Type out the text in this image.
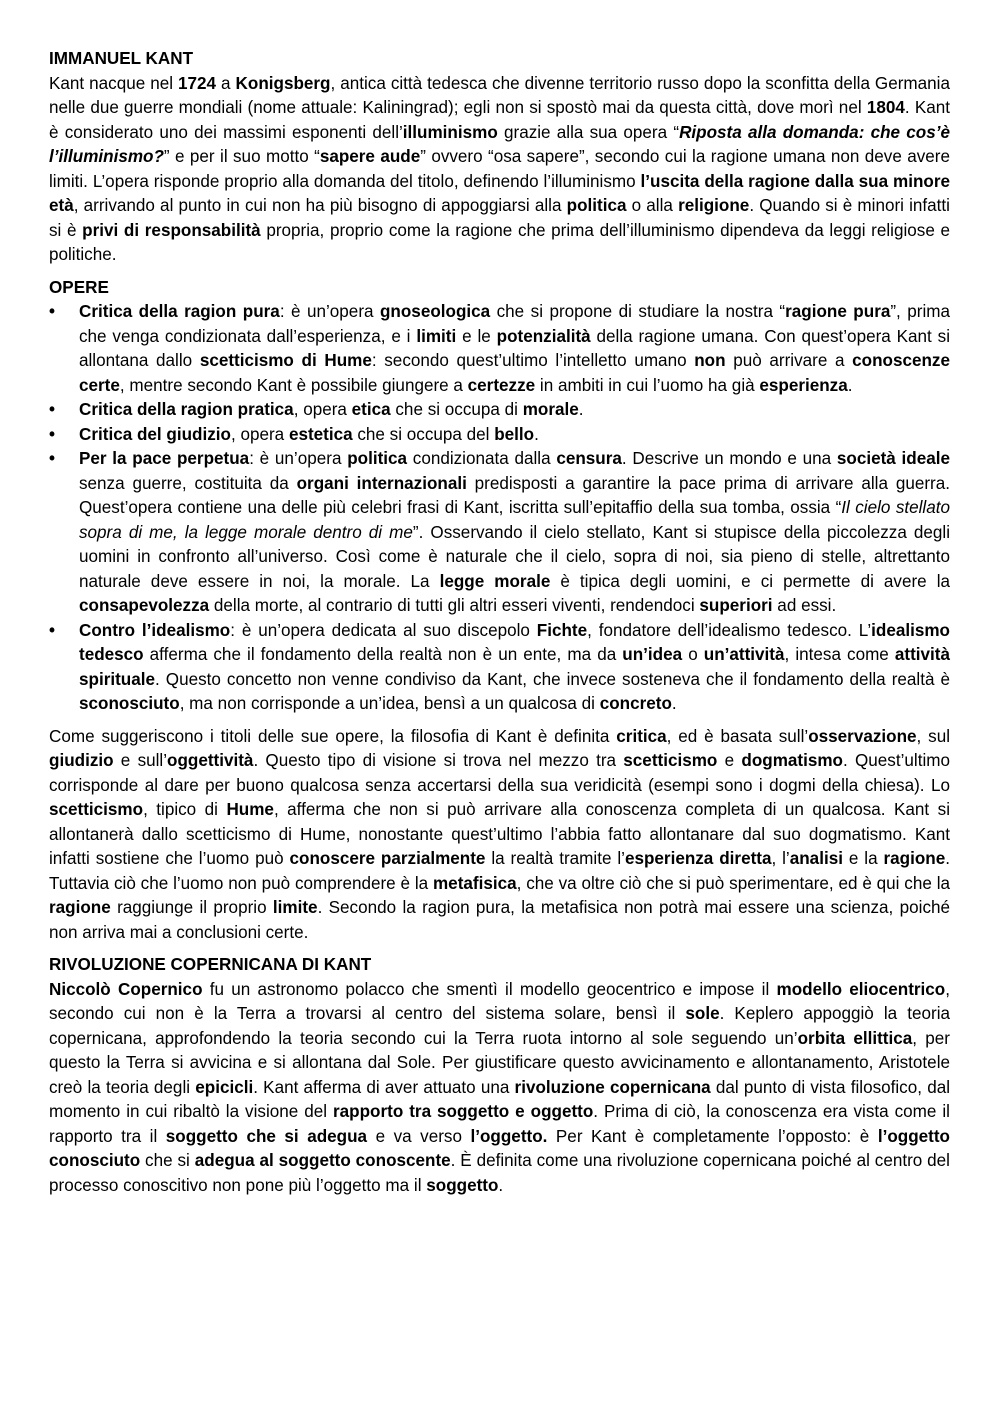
IMMANUEL KANT

Kant nacque nel 1724 a Konigsberg, antica città tedesca che divenne territorio russo dopo la sconfitta della Germania nelle due guerre mondiali (nome attuale: Kaliningrad); egli non si spostò mai da questa città, dove morì nel 1804. Kant è considerato uno dei massimi esponenti dell’illuminismo grazie alla sua opera “Riposta alla domanda: che cos’è l’illuminismo?” e per il suo motto “sapere aude” ovvero “osa sapere”, secondo cui la ragione umana non deve avere limiti. L’opera risponde proprio alla domanda del titolo, definendo l’illuminismo l’uscita della ragione dalla sua minore età, arrivando al punto in cui non ha più bisogno di appoggiarsi alla politica o alla religione. Quando si è minori infatti si è privi di responsabilità propria, proprio come la ragione che prima dell’illuminismo dipendeva da leggi religiose e politiche.

OPERE
• Critica della ragion pura: è un’opera gnoseologica che si propone di studiare la nostra “ragione pura”, prima che venga condizionata dall’esperienza, e i limiti e le potenzialità della ragione umana. Con quest’opera Kant si allontana dallo scetticismo di Hume: secondo quest’ultimo l’intelletto umano non può arrivare a conoscenze certe, mentre secondo Kant è possibile giungere a certezze in ambiti in cui l’uomo ha già esperienza.
• Critica della ragion pratica, opera etica che si occupa di morale.
• Critica del giudizio, opera estetica che si occupa del bello.
• Per la pace perpetua: è un’opera politica condizionata dalla censura. Descrive un mondo e una società ideale senza guerre, costituita da organi internazionali predisposti a garantire la pace prima di arrivare alla guerra. Quest’opera contiene una delle più celebri frasi di Kant, iscritta sull’epitaffio della sua tomba, ossia “Il cielo stellato sopra di me, la legge morale dentro di me”. Osservando il cielo stellato, Kant si stupisce della piccolezza degli uomini in confronto all’universo. Così come è naturale che il cielo, sopra di noi, sia pieno di stelle, altrettanto naturale deve essere in noi, la morale. La legge morale è tipica degli uomini, e ci permette di avere la consapevolezza della morte, al contrario di tutti gli altri esseri viventi, rendendoci superiori ad essi.
• Contro l’idealismo: è un’opera dedicata al suo discepolo Fichte, fondatore dell’idealismo tedesco. L’idealismo tedesco afferma che il fondamento della realtà non è un ente, ma da un’idea o un’attività, intesa come attività spirituale. Questo concetto non venne condiviso da Kant, che invece sosteneva che il fondamento della realtà è sconosciuto, ma non corrisponde a un’idea, bensì a un qualcosa di concreto.

Come suggeriscono i titoli delle sue opere, la filosofia di Kant è definita critica, ed è basata sull’osservazione, sul giudizio e sull’oggettività. Questo tipo di visione si trova nel mezzo tra scetticismo e dogmatismo. Quest’ultimo corrisponde al dare per buono qualcosa senza accertarsi della sua veridicità (esempi sono i dogmi della chiesa). Lo scetticismo, tipico di Hume, afferma che non si può arrivare alla conoscenza completa di un qualcosa. Kant si allontanerà dallo scetticismo di Hume, nonostante quest’ultimo l’abbia fatto allontanare dal suo dogmatismo. Kant infatti sostiene che l’uomo può conoscere parzialmente la realtà tramite l’esperienza diretta, l’analisi e la ragione. Tuttavia ciò che l’uomo non può comprendere è la metafisica, che va oltre ciò che si può sperimentare, ed è qui che la ragione raggiunge il proprio limite. Secondo la ragion pura, la metafisica non potrà mai essere una scienza, poiché non arriva mai a conclusioni certe.

RIVOLUZIONE COPERNICANA DI KANT

Niccolò Copernico fu un astronomo polacco che smentì il modello geocentrico e impose il modello eliocentrico, secondo cui non è la Terra a trovarsi al centro del sistema solare, bensì il sole. Keplero appoggiò la teoria copernicana, approfondendo la teoria secondo cui la Terra ruota intorno al sole seguendo un’orbita ellittica, per questo la Terra si avvicina e si allontana dal Sole. Per giustificare questo avvicinamento e allontanamento, Aristotele creò la teoria degli epicicli. Kant afferma di aver attuato una rivoluzione copernicana dal punto di vista filosofico, dal momento in cui ribaltò la visione del rapporto tra soggetto e oggetto. Prima di ciò, la conoscenza era vista come il rapporto tra il soggetto che si adegua e va verso l’oggetto. Per Kant è completamente l’opposto: è l’oggetto conosciuto che si adegua al soggetto conoscente. È definita come una rivoluzione copernicana poiché al centro del processo conoscitivo non pone più l’oggetto ma il soggetto.
